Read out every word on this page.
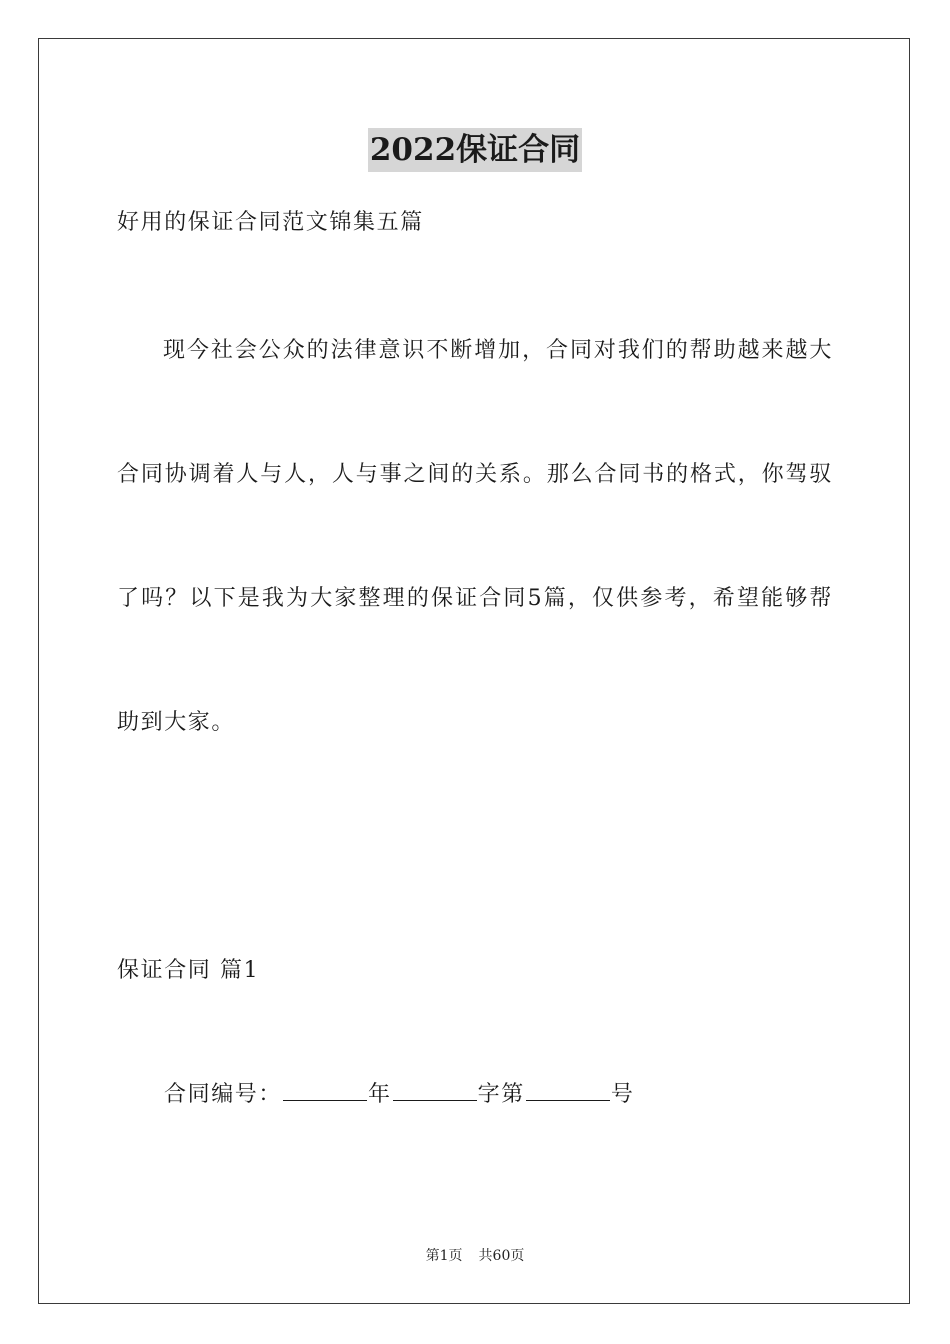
2022保证合同
好用的保证合同范文锦集五篇
现今社会公众的法律意识不断增加，合同对我们的帮助越来越大合同协调着人与人，人与事之间的关系。那么合同书的格式，你驾驭了吗？以下是我为大家整理的保证合同5篇，仅供参考，希望能够帮助到大家。
保证合同 篇1
合同编号：	年	字第	号
第1页 共60页
